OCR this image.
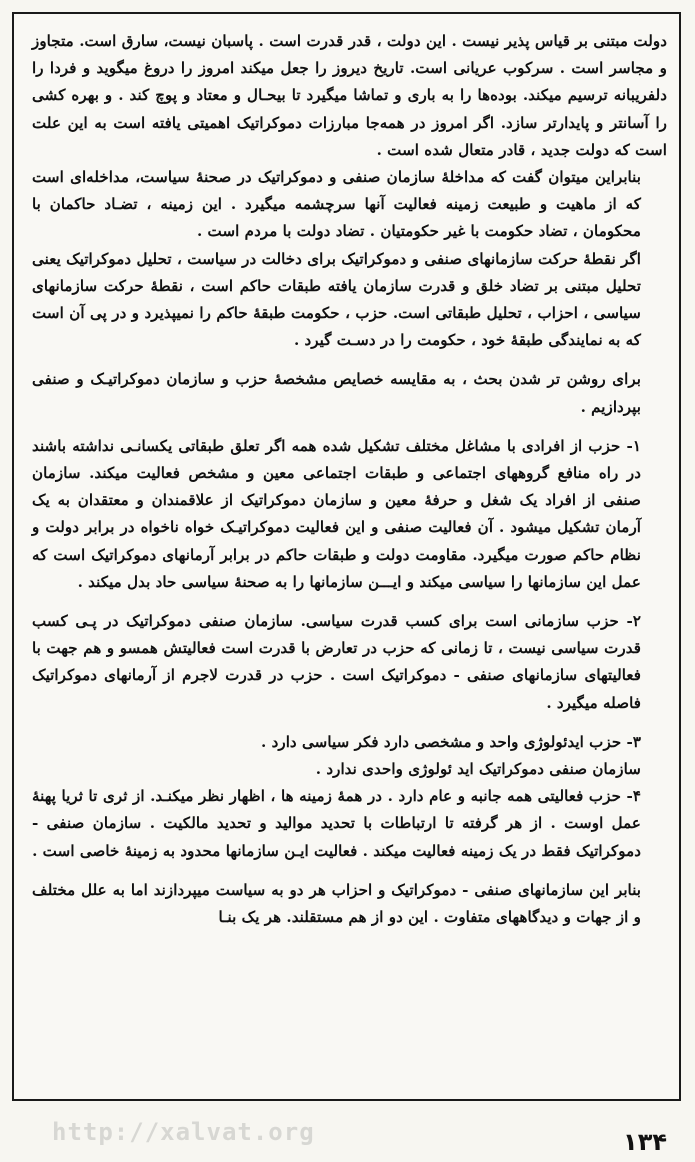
دولت مبتنی بر قیاس پذیر نیست . این دولت ، قدر قدرت است . پاسبان نیست، سارق است. متجاوز و مجاسر است . سرکوب عریانی است. تاریخ دیروز را جعل میکند امروز را دروغ میگوید و فردا را دلفریبانه ترسیم میکند. بوده‌ها را به باری و تماشا میگیرد تا بیحـال و معتاد و پوچ کند . و بهره کشی را آسانتر و پایدارتر سازد. اگر امروز در همه‌جا مبارزات دموکراتیک اهمیتی یافته است به این علت است که دولت جدید ، قادر متعال شده است .

بنابراین میتوان گفت که مداخلهٔ سازمان صنفی و دموکراتیک در صحنهٔ سیاست، مداخله‌ای است که از ماهیت و طبیعت زمینه فعالیت آنها سرچشمه میگیرد . این زمینه ، تضـاد حاکمان با محکومان ، تضاد حکومت با غیر حکومتیان . تضاد دولت با مردم است .

اگر نقطهٔ حرکت سازمانهای صنفی و دموکراتیک برای دخالت در سیاست ، تحلیل دموکراتیک یعنی تحلیل مبتنی بر تضاد خلق و قدرت سازمان یافته طبقات حاکم است ، نقطهٔ حرکت سازمانهای سیاسی ، احزاب ، تحلیل طبقاتی است. حزب ، حکومت طبقهٔ حاکم را نمیپذیرد و در پی آن است که به نمایندگی طبقهٔ خود ، حکومت را در دسـت گیرد .

برای روشن تر شدن بحث ، به مقایسه خصایص مشخصهٔ حزب و سازمان دموکراتیـک و صنفی بپردازیم .

۱- حزب از افرادی با مشاغل مختلف تشکیل شده همه اگر تعلق طبقاتی یکسانـی نداشته باشند در راه منافع گروههای اجتماعی و طبقات اجتماعی معین و مشخص فعالیت میکند. سازمان صنفی از افراد یک شغل و حرفهٔ معین و سازمان دموکراتیک از علاقمندان و معتقدان به یک آرمان تشکیل میشود . آن فعالیت صنفی و این فعالیت دموکراتیـک خواه ناخواه در برابر دولت و نظام حاکم صورت میگیرد. مقاومت دولت و طبقات حاکم در برابر آرمانهای دموکراتیک است که عمل این سازمانها را سیاسی میکند و ایـــن سازمانها را به صحنهٔ سیاسی حاد بدل میکند .

۲- حزب سازمانی است برای کسب قدرت سیاسی. سازمان صنفی دموکراتیک در پـی کسب قدرت سیاسی نیست ، تا زمانی که حزب در تعارض با قدرت است فعالیتش همسو و هم جهت با فعالیتهای سازمانهای صنفی - دموکراتیک است . حزب در قدرت لاجرم از آرمانهای دموکراتیک فاصله میگیرد .

۳- حزب ایدئولوژی واحد و مشخصی دارد فکر سیاسی دارد .

سازمان صنفی دموکراتیک اید ئولوژی واحدی ندارد .

۴- حزب فعالیتی همه جانبه و عام دارد . در همهٔ زمینه ها ، اظهار نظر میکنـد. از ثری تا ثریا پهنهٔ عمل اوست . از هر گرفته تا ارتباطات با تحدید موالید و تحدید مالکیت . سازمان صنفی - دموکراتیک فقط در یک زمینه فعالیت میکند . فعالیت ایـن سازمانها محدود به زمینهٔ خاصی است .

بنابر این سازمانهای صنفی - دموکراتیک و احزاب هر دو به سیاست میپردازند اما به علل مختلف و از جهات و دیدگاههای متفاوت . این دو از هم مستقلند. هر یک بنـا

http://xalvat.org	۱۳۴
